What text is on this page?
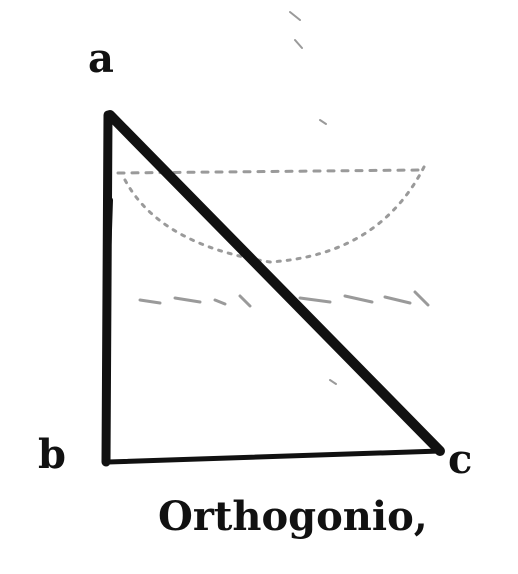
a
b	c
Orthogonio,
